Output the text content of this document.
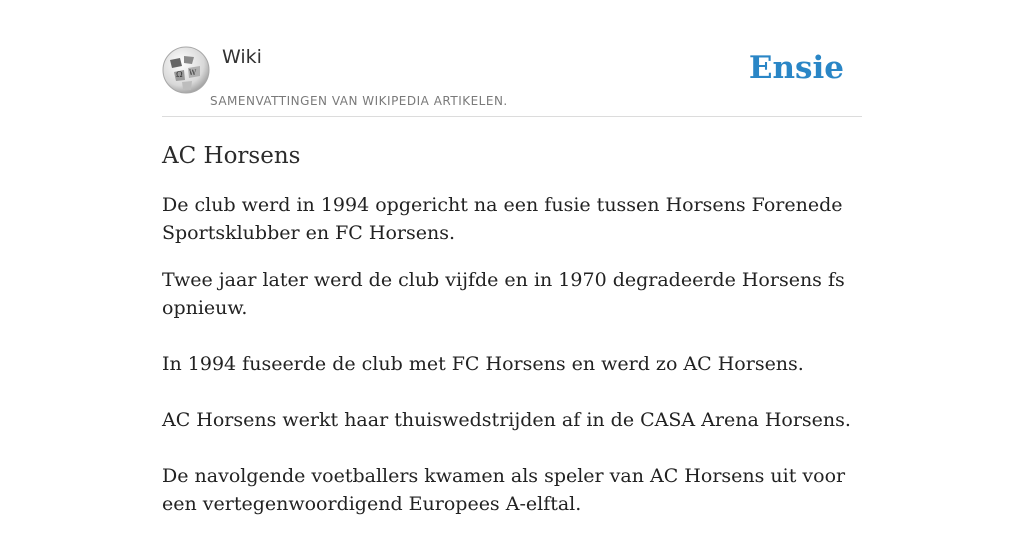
Ω W
Wiki
SAMENVATTINGEN VAN WIKIPEDIA ARTIKELEN.
Ensie
AC Horsens

De club werd in 1994 opgericht na een fusie tussen Horsens Forenede Sportsklubber en FC Horsens.

Twee jaar later werd de club vijfde en in 1970 degradeerde Horsens fs opnieuw.

In 1994 fuseerde de club met FC Horsens en werd zo AC Horsens.

AC Horsens werkt haar thuiswedstrijden af in de CASA Arena Horsens.

De navolgende voetballers kwamen als speler van AC Horsens uit voor een vertegenwoordigend Europees A-elftal.
